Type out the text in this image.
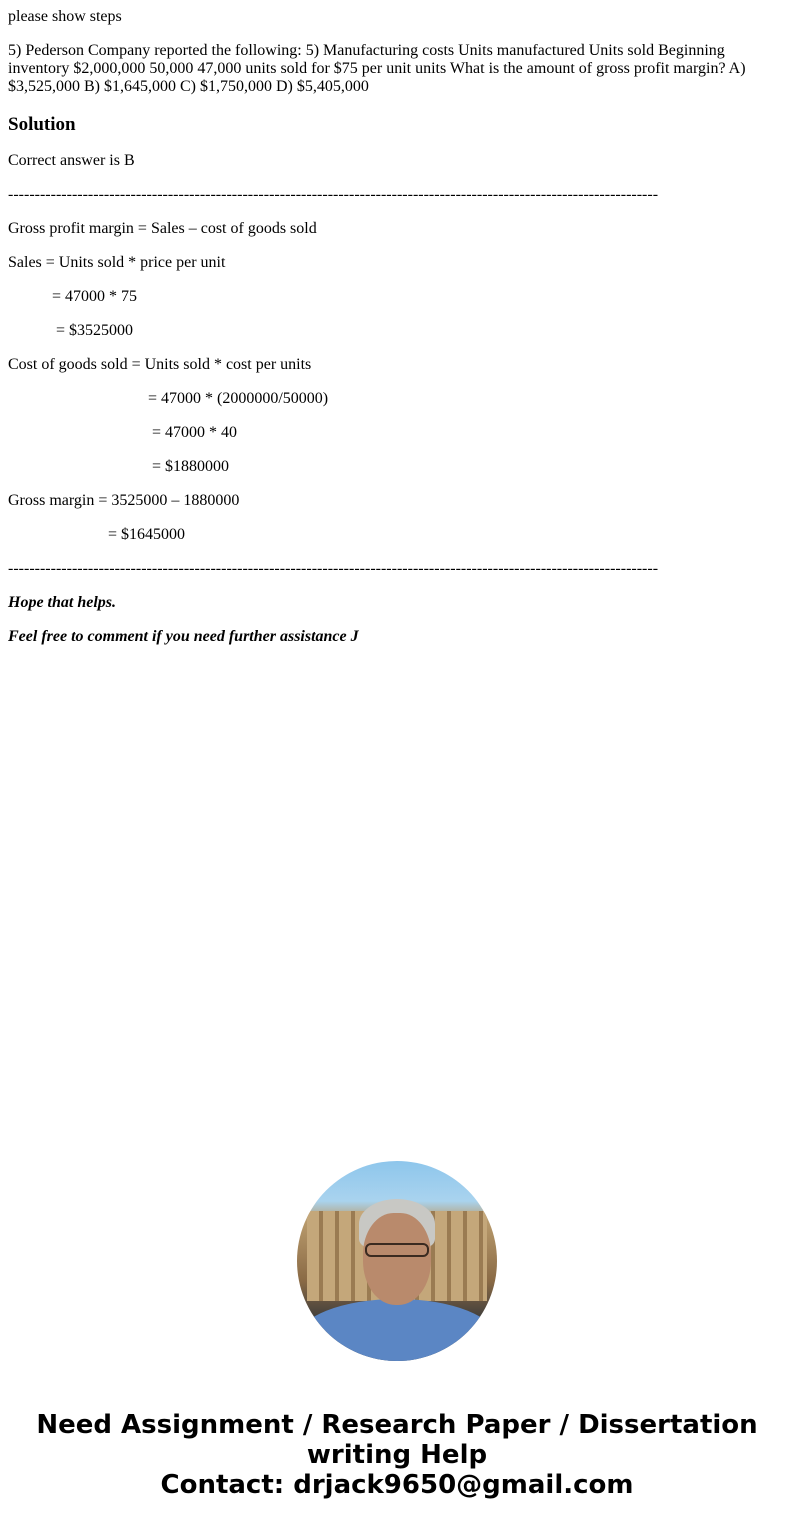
please show steps

5) Pederson Company reported the following: 5) Manufacturing costs Units manufactured Units sold Beginning inventory $2,000,000 50,000 47,000 units sold for $75 per unit units What is the amount of gross profit margin? A) $3,525,000 B) $1,645,000 C) $1,750,000 D) $5,405,000

Solution

Correct answer is B

--------------------------------------------------------------------------------------------------------------------------

Gross profit margin = Sales – cost of goods sold

Sales = Units sold * price per unit

= 47000 * 75

= $3525000

Cost of goods sold = Units sold * cost per units

= 47000 * (2000000/50000)

= 47000 * 40

= $1880000

Gross margin = 3525000 – 1880000

= $1645000

--------------------------------------------------------------------------------------------------------------------------

Hope that helps.

Feel free to comment if you need further assistance J

Need Assignment / Research Paper / Dissertation
writing Help
Contact: drjack9650@gmail.com
